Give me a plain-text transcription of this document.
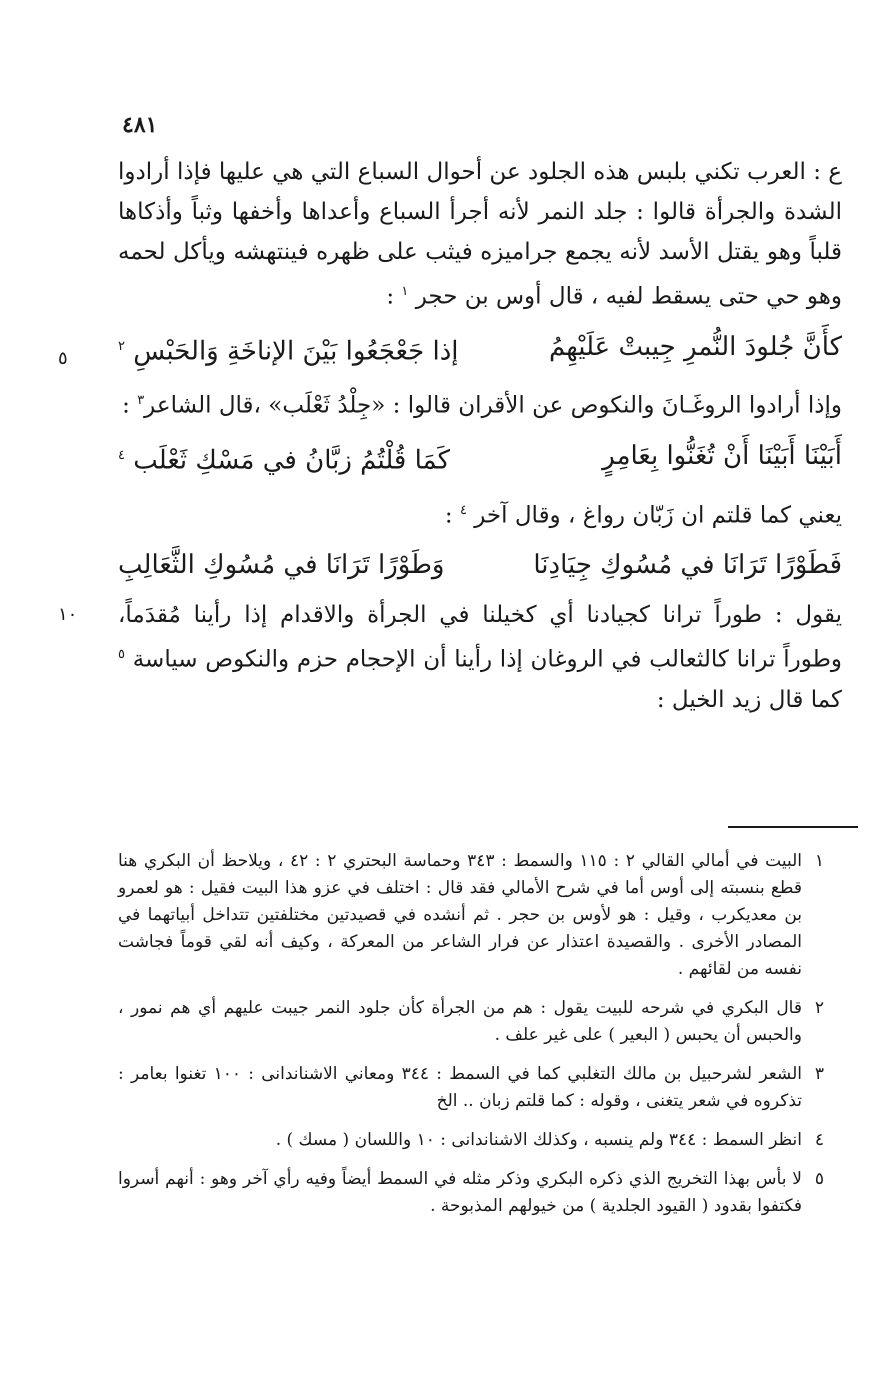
٤٨١

ع : العرب تكني بلبس هذه الجلود عن أحوال السباع التي هي عليها فإذا أرادوا الشدة والجرأة قالوا : جلد النمر لأنه أجرأ السباع وأعداها وأخفها وثباً وأذكاها قلباً وهو يقتل الأسد لأنه يجمع جراميزه فيثب على ظهره فينتهشه ويأكل لحمه وهو حي حتى يسقط لفيه ، قال أوس بن حجر $^١$ :

كأَنَّ جُلودَ النُّمرِ جِيبتْ عَلَيْهِمُ
إذا جَعْجَعُوا بَيْنَ الإناخَةِ وَالحَبْسِ $^٢$

وإذا أرادوا الروغَـانَ والنكوص عن الأقران قالوا : «جِلْدُ ثَعْلَب» ،قال الشاعر$^٣$ :

أَبَيْنَا أَبَيْنَا أَنْ تُغَنُّوا بِعَامِرٍ
كَمَا قُلْتُمُ زبَّانُ في مَسْكِ ثَعْلَب $^٤$

يعني كما قلتم ان زَبّان رواغ ، وقال آخر $^٤$ :

فَطَوْرًا تَرَانَا في مُسُوكِ جِيَادِنَا
وَطَوْرًا تَرَانَا في مُسُوكِ الثَّعَالِبِ

يقول : طوراً ترانا كجيادنا أي كخيلنا في الجرأة والاقدام إذا رأينا مُقدَماً، وطوراً ترانا كالثعالب في الروغان إذا رأينا أن الإحجام حزم والنكوص سياسة $^٥$ كما قال زيد الخيل :

٥
١٠
١
البيت في أمالي القالي ٢ : ١١٥ والسمط : ٣٤٣ وحماسة البحتري ٢ : ٤٢ ، ويلاحظ أن البكري هنا قطع بنسبته إلى أوس أما في شرح الأمالي فقد قال : اختلف في عزو هذا البيت فقيل : هو لعمرو بن معديكرب ، وقيل : هو لأوس بن حجر . ثم أنشده في قصيدتين مختلفتين تتداخل أبياتهما في المصادر الأخرى . والقصيدة اعتذار عن فرار الشاعر من المعركة ، وكيف أنه لقي قوماً فجاشت نفسه من لقائهم .
٢
قال البكري في شرحه للبيت يقول : هم من الجرأة كأن جلود النمر جيبت عليهم أي هم نمور ، والحبس أن يحبس ( البعير ) على غير علف .
٣
الشعر لشرحبيل بن مالك التغلبي كما في السمط : ٣٤٤ ومعاني الاشناندانى : ١٠٠ تغنوا بعامر : تذكروه في شعر يتغنى ، وقوله : كما قلتم زبان .. الخ
٤
انظر السمط : ٣٤٤ ولم ينسبه ، وكذلك الاشناندانى : ١٠ واللسان ( مسك ) .
٥
لا بأس بهذا التخريج الذي ذكره البكري وذكر مثله في السمط أيضاً وفيه رأي آخر وهو : أنهم أسروا فكتفوا بقدود ( القيود الجلدية ) من خيولهم المذبوحة .
